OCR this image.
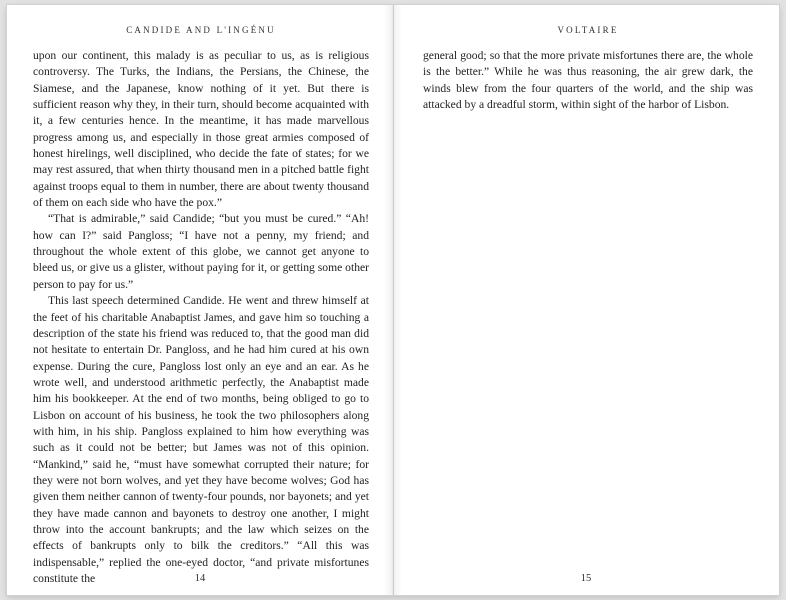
CANDIDE AND L'INGÉNU

upon our continent, this malady is as peculiar to us, as is religious controversy. The Turks, the Indians, the Persians, the Chinese, the Siamese, and the Japanese, know nothing of it yet. But there is sufficient reason why they, in their turn, should become acquainted with it, a few centuries hence. In the meantime, it has made marvellous progress among us, and especially in those great armies composed of honest hirelings, well disciplined, who decide the fate of states; for we may rest assured, that when thirty thousand men in a pitched battle fight against troops equal to them in number, there are about twenty thousand of them on each side who have the pox.”

“That is admirable,” said Candide; “but you must be cured.” “Ah! how can I?” said Pangloss; “I have not a penny, my friend; and throughout the whole extent of this globe, we cannot get anyone to bleed us, or give us a glister, without paying for it, or getting some other person to pay for us.”

This last speech determined Candide. He went and threw himself at the feet of his charitable Anabaptist James, and gave him so touching a description of the state his friend was reduced to, that the good man did not hesitate to entertain Dr. Pangloss, and he had him cured at his own expense. During the cure, Pangloss lost only an eye and an ear. As he wrote well, and understood arithmetic perfectly, the Anabaptist made him his bookkeeper. At the end of two months, being obliged to go to Lisbon on account of his business, he took the two philosophers along with him, in his ship. Pangloss explained to him how everything was such as it could not be better; but James was not of this opinion. “Mankind,” said he, “must have somewhat corrupted their nature; for they were not born wolves, and yet they have become wolves; God has given them neither cannon of twenty-four pounds, nor bayonets; and yet they have made cannon and bayonets to destroy one another, I might throw into the account bankrupts; and the law which seizes on the effects of bankrupts only to bilk the creditors.” “All this was indispensable,” replied the one-eyed doctor, “and private misfortunes constitute the	14
VOLTAIRE

general good; so that the more private misfortunes there are, the whole is the better.” While he was thus reasoning, the air grew dark, the winds blew from the four quarters of the world, and the ship was attacked by a dreadful storm, within sight of the harbor of Lisbon.

15
